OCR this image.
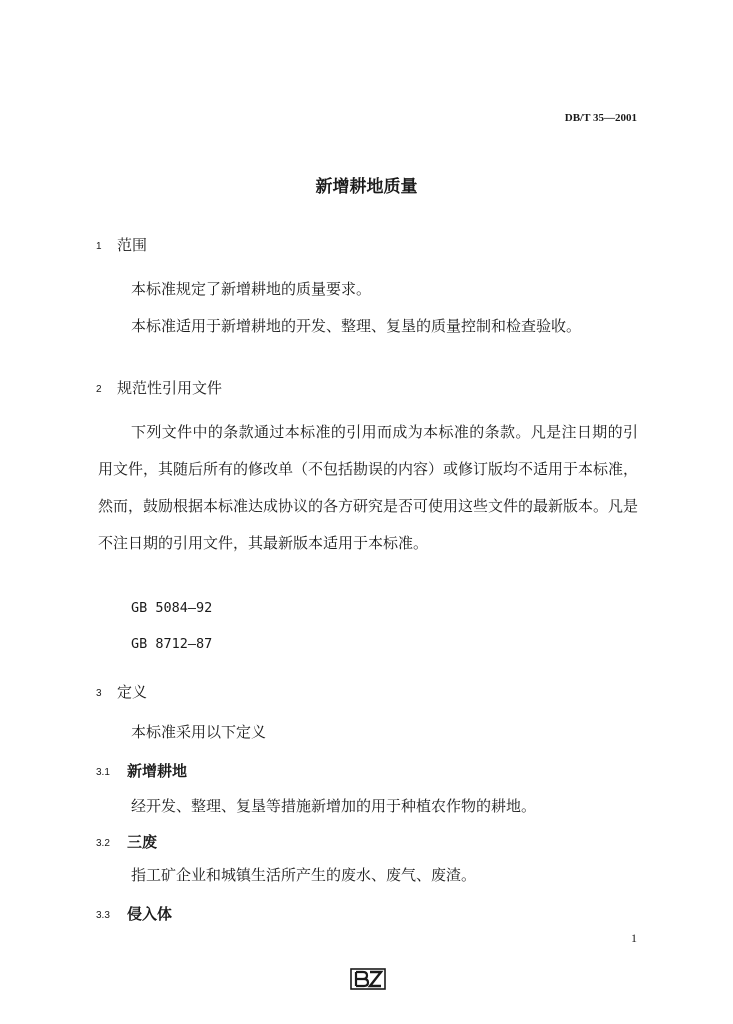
DB/T 35—2001
新增耕地质量
1 范围
本标准规定了新增耕地的质量要求。
本标准适用于新增耕地的开发、整理、复垦的质量控制和检查验收。
2 规范性引用文件
下列文件中的条款通过本标准的引用而成为本标准的条款。凡是注日期的引用文件，其随后所有的修改单（不包括勘误的内容）或修订版均不适用于本标准，然而，鼓励根据本标准达成协议的各方研究是否可使用这些文件的最新版本。凡是不注日期的引用文件，其最新版本适用于本标准。
GB 5084—92
GB 8712—87
3 定义
本标准采用以下定义
3.1 新增耕地
经开发、整理、复垦等措施新增加的用于种植农作物的耕地。
3.2 三废
指工矿企业和城镇生活所产生的废水、废气、废渣。
3.3 侵入体
1
